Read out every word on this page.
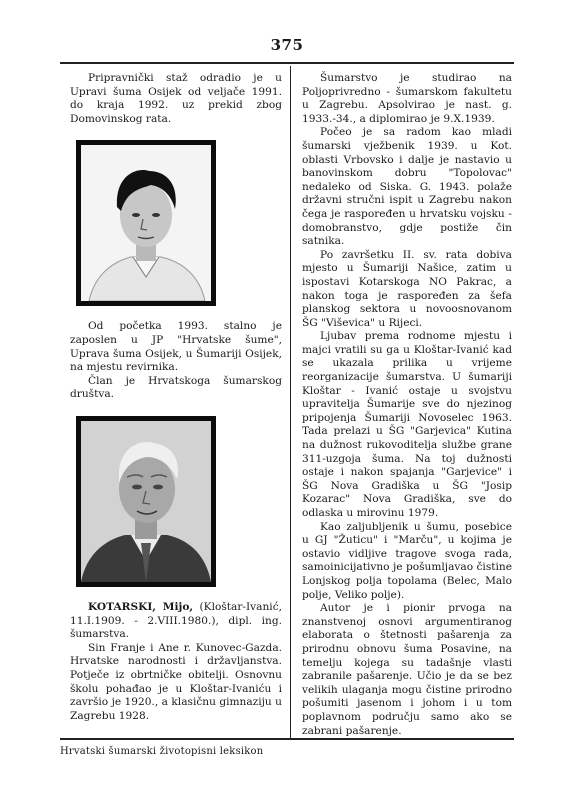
375

Pripravnički staž odradio je u Upravi šuma Osijek od veljače 1991. do kraja 1992. uz prekid zbog Domovinskog rata.

Od početka 1993. stalno je zaposlen u JP "Hrvatske šume", Uprava šuma Osijek, u Šumariji Osijek, na mjestu revirnika.

Član je Hrvatskoga šumarskog društva.

KOTARSKI, Mijo, (Kloštar-Ivanić, 11.I.1909. - 2.VIII.1980.), dipl. ing. šumarstva.

Sin Franje i Ane r. Kunovec-Gazda. Hrvatske narodnosti i državljanstva. Potječe iz obrtničke obitelji. Osnovnu školu pohađao je u Kloštar-Ivaniću i završio je 1920., a klasičnu gimnaziju u Zagrebu 1928.

Šumarstvo je studirao na Poljoprivredno - šumarskom fakultetu u Zagrebu. Apsolvirao je nast. g. 1933.-34., a diplomirao je 9.X.1939.

Počeo je sa radom kao mladi šumarski vježbenik 1939. u Kot. oblasti Vrbovsko i dalje je nastavio u banovinskom dobru "Topolovac" nedaleko od Siska. G. 1943. polaže državni stručni ispit u Zagrebu nakon čega je raspoređen u hrvatsku vojsku - domobranstvo, gdje postiže čin satnika.

Po završetku II. sv. rata dobiva mjesto u Šumariji Našice, zatim u ispostavi Kotarskoga NO Pakrac, a nakon toga je raspoređen za šefa planskog sektora u novoosnovanom ŠG "Viševica" u Rijeci.

Ljubav prema rodnome mjestu i majci vratili su ga u Kloštar-Ivanić kad se ukazala prilika u vrijeme reorganizacije šumarstva. U šumariji Kloštar - Ivanić ostaje u svojstvu upravitelja Šumarije sve do njezinog pripojenja Šumariji Novoselec 1963. Tada prelazi u ŠG "Garjevica" Kutina na dužnost rukovoditelja službe grane 311-uzgoja šuma. Na toj dužnosti ostaje i nakon spajanja "Garjevice" i ŠG Nova Gradiška u ŠG "Josip Kozarac" Nova Gradiška, sve do odlaska u mirovinu 1979.

Kao zaljubljenik u šumu, posebice u GJ "Žuticu" i "Marču", u kojima je ostavio vidljive tragove svoga rada, samoinicijativno je pošumljavao čistine Lonjskog polja topolama (Belec, Malo polje, Veliko polje).

Autor je i pionir prvoga na znanstvenoj osnovi argumentiranog elaborata o štetnosti pašarenja za prirodnu obnovu šuma Posavine, na temelju kojega su tadašnje vlasti zabranile pašarenje. Učio je da se bez velikih ulaganja mogu čistine prirodno pošumiti jasenom i johom i u tom poplavnom području samo ako se zabrani pašarenje.

Hrvatski šumarski životopisni leksikon
